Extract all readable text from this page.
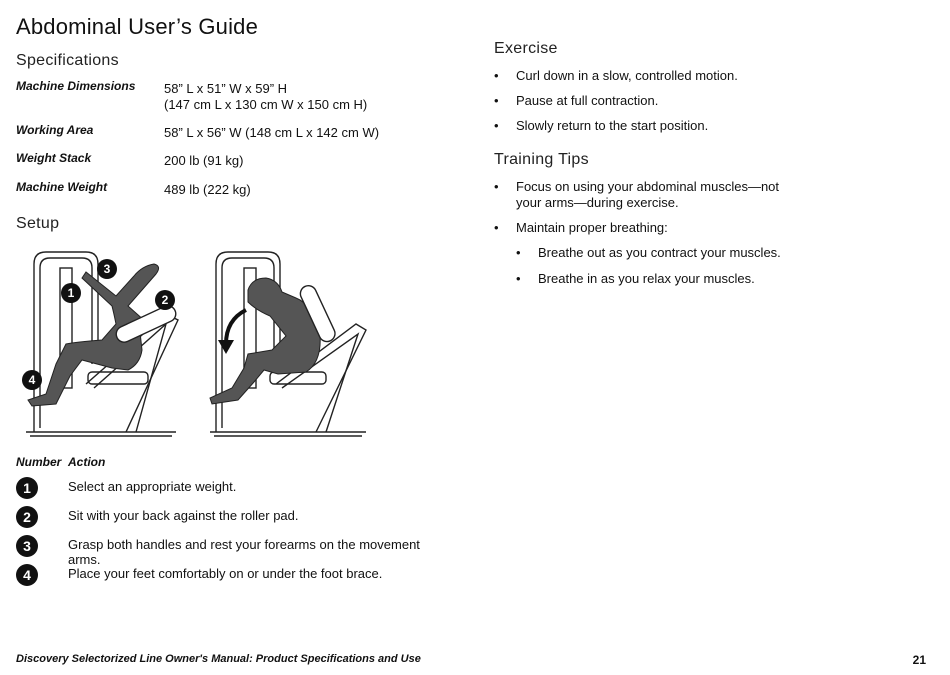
Abdominal User’s Guide
Specifications
Machine Dimensions 58” L x 51” W x 59” H
(147 cm L x 130 cm W x 150 cm H)
Working Area	58” L x 56” W (148 cm L x 142 cm W)
Weight Stack	200 lb (91 kg)
Machine Weight	489 lb (222 kg)
Setup
1
3
2
4
Number Action
1	Select an appropriate weight.
2	Sit with your back against the roller pad.
3	Grasp both handles and rest your forearms on the movement arms.
4	Place your feet comfortably on or under the foot brace.
Exercise
• Curl down in a slow, controlled motion.
• Pause at full contraction.
• Slowly return to the start position.
Training Tips
• Focus on using your abdominal muscles—not your arms—during exercise.
• Maintain proper breathing:
• Breathe out as you contract your muscles.
• Breathe in as you relax your muscles.
Discovery Selectorized Line Owner's Manual: Product Specifications and Use	21
